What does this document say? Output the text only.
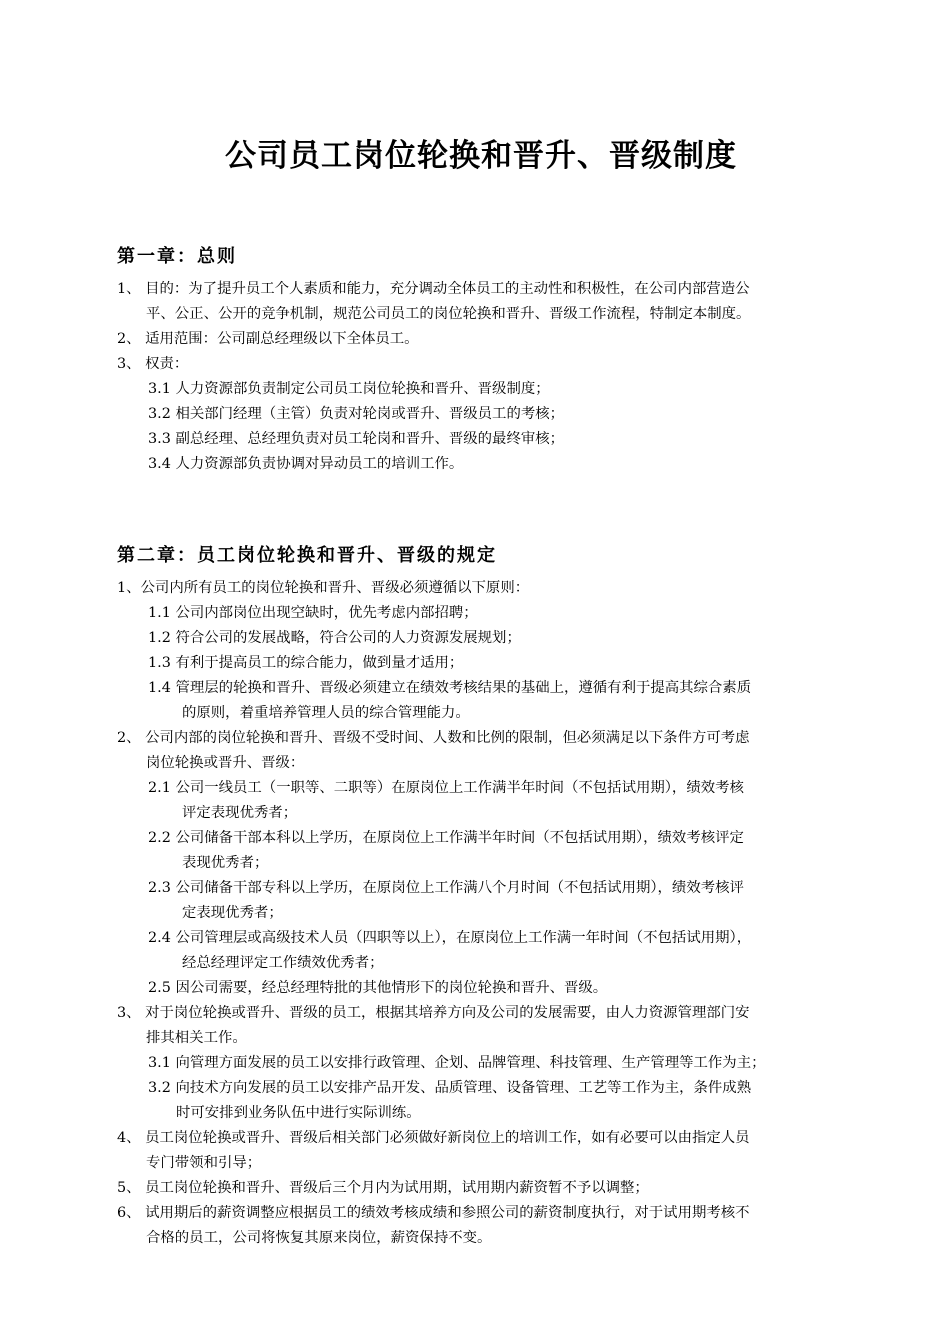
公司员工岗位轮换和晋升、晋级制度
第一章：总则
1、 目的：为了提升员工个人素质和能力，充分调动全体员工的主动性和积极性，在公司内部营造公
平、公正、公开的竞争机制，规范公司员工的岗位轮换和晋升、晋级工作流程，特制定本制度。
2、 适用范围：公司副总经理级以下全体员工。
3、 权责：
3.1 人力资源部负责制定公司员工岗位轮换和晋升、晋级制度；
3.2 相关部门经理（主管）负责对轮岗或晋升、晋级员工的考核；
3.3 副总经理、总经理负责对员工轮岗和晋升、晋级的最终审核；
3.4 人力资源部负责协调对异动员工的培训工作。
第二章：员工岗位轮换和晋升、晋级的规定
1、公司内所有员工的岗位轮换和晋升、晋级必须遵循以下原则：
1.1 公司内部岗位出现空缺时，优先考虑内部招聘；
1.2 符合公司的发展战略，符合公司的人力资源发展规划；
1.3 有利于提高员工的综合能力，做到量才适用；
1.4 管理层的轮换和晋升、晋级必须建立在绩效考核结果的基础上，遵循有利于提高其综合素质
的原则，着重培养管理人员的综合管理能力。
2、 公司内部的岗位轮换和晋升、晋级不受时间、人数和比例的限制，但必须满足以下条件方可考虑
岗位轮换或晋升、晋级：
2.1 公司一线员工（一职等、二职等）在原岗位上工作满半年时间（不包括试用期），绩效考核
评定表现优秀者；
2.2 公司储备干部本科以上学历，在原岗位上工作满半年时间（不包括试用期），绩效考核评定
表现优秀者；
2.3 公司储备干部专科以上学历，在原岗位上工作满八个月时间（不包括试用期），绩效考核评
定表现优秀者；
2.4 公司管理层或高级技术人员（四职等以上），在原岗位上工作满一年时间（不包括试用期），
经总经理评定工作绩效优秀者；
2.5 因公司需要，经总经理特批的其他情形下的岗位轮换和晋升、晋级。
3、 对于岗位轮换或晋升、晋级的员工，根据其培养方向及公司的发展需要，由人力资源管理部门安
排其相关工作。
3.1 向管理方面发展的员工以安排行政管理、企划、品牌管理、科技管理、生产管理等工作为主；
3.2 向技术方向发展的员工以安排产品开发、品质管理、设备管理、工艺等工作为主，条件成熟
时可安排到业务队伍中进行实际训练。
4、 员工岗位轮换或晋升、晋级后相关部门必须做好新岗位上的培训工作，如有必要可以由指定人员
专门带领和引导；
5、 员工岗位轮换和晋升、晋级后三个月内为试用期，试用期内薪资暂不予以调整；
6、 试用期后的薪资调整应根据员工的绩效考核成绩和参照公司的薪资制度执行，对于试用期考核不
合格的员工，公司将恢复其原来岗位，薪资保持不变。
